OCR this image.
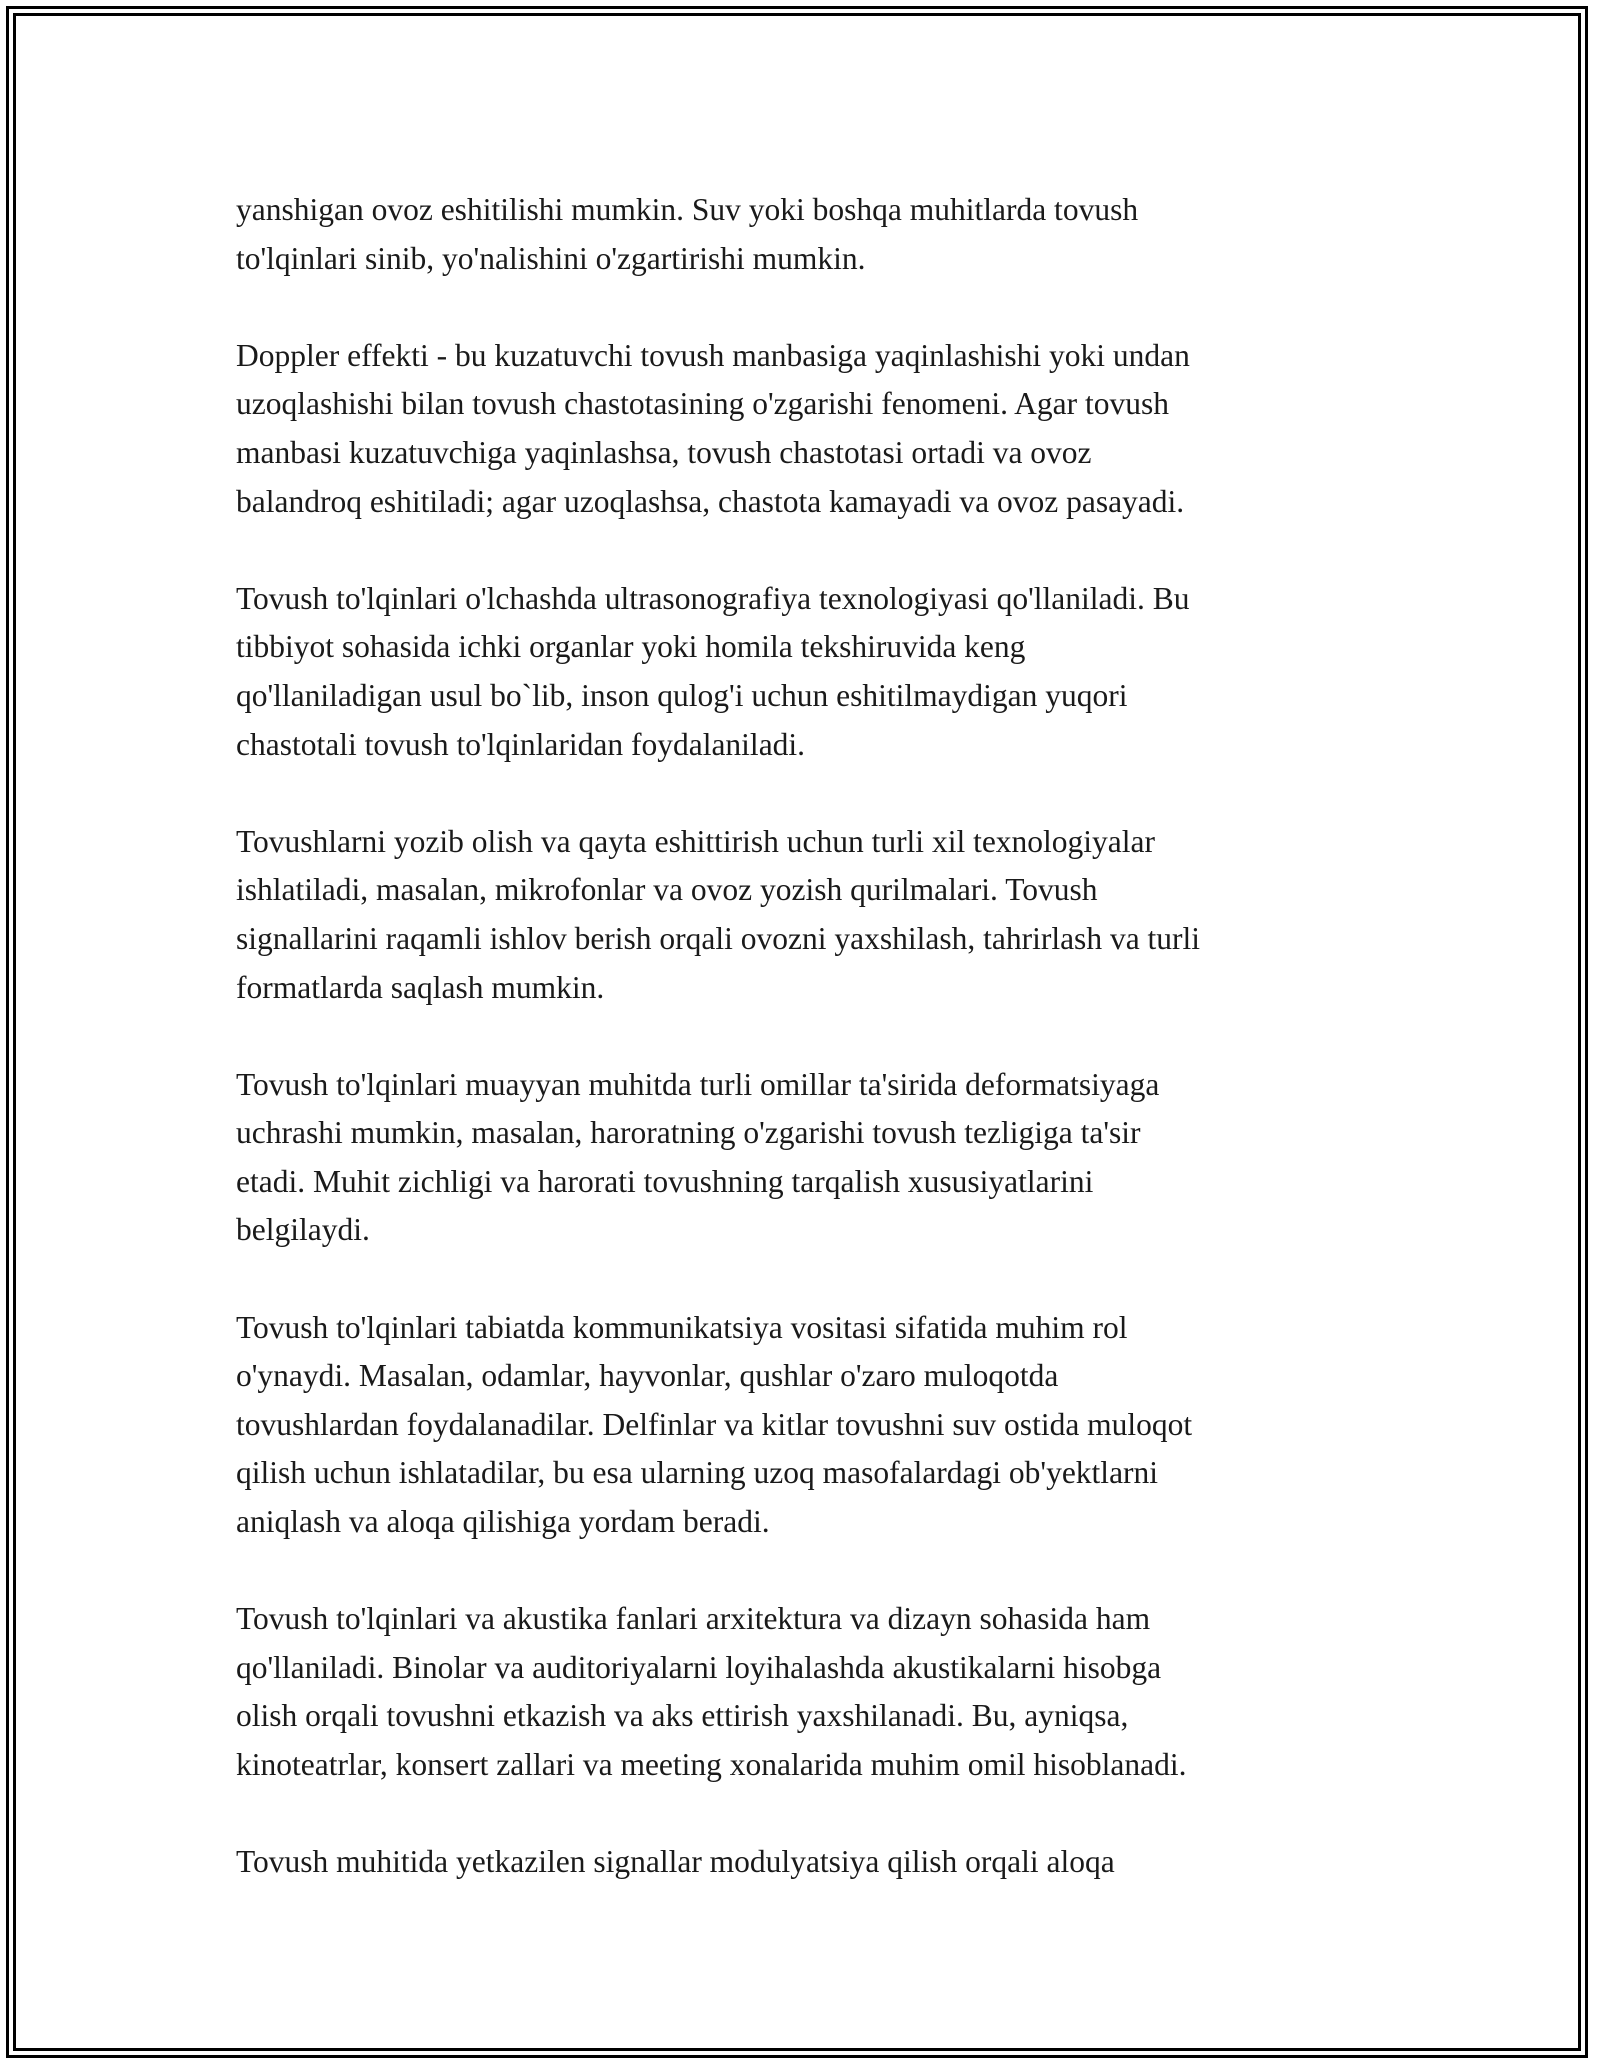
yanshigan ovoz eshitilishi mumkin. Suv yoki boshqa muhitlarda tovush
to'lqinlari sinib, yo'nalishini o'zgartirishi mumkin.

Doppler effekti - bu kuzatuvchi tovush manbasiga yaqinlashishi yoki undan
uzoqlashishi bilan tovush chastotasining o'zgarishi fenomeni. Agar tovush
manbasi kuzatuvchiga yaqinlashsa, tovush chastotasi ortadi va ovoz
balandroq eshitiladi; agar uzoqlashsa, chastota kamayadi va ovoz pasayadi.

Tovush to'lqinlari o'lchashda ultrasonografiya texnologiyasi qo'llaniladi. Bu
tibbiyot sohasida ichki organlar yoki homila tekshiruvida keng
qo'llaniladigan usul bo`lib, inson qulog'i uchun eshitilmaydigan yuqori
chastotali tovush to'lqinlaridan foydalaniladi.

Tovushlarni yozib olish va qayta eshittirish uchun turli xil texnologiyalar
ishlatiladi, masalan, mikrofonlar va ovoz yozish qurilmalari. Tovush
signallarini raqamli ishlov berish orqali ovozni yaxshilash, tahrirlash va turli
formatlarda saqlash mumkin.

Tovush to'lqinlari muayyan muhitda turli omillar ta'sirida deformatsiyaga
uchrashi mumkin, masalan, haroratning o'zgarishi tovush tezligiga ta'sir
etadi. Muhit zichligi va harorati tovushning tarqalish xususiyatlarini
belgilaydi.

Tovush to'lqinlari tabiatda kommunikatsiya vositasi sifatida muhim rol
o'ynaydi. Masalan, odamlar, hayvonlar, qushlar o'zaro muloqotda
tovushlardan foydalanadilar. Delfinlar va kitlar tovushni suv ostida muloqot
qilish uchun ishlatadilar, bu esa ularning uzoq masofalardagi ob'yektlarni
aniqlash va aloqa qilishiga yordam beradi.

Tovush to'lqinlari va akustika fanlari arxitektura va dizayn sohasida ham
qo'llaniladi. Binolar va auditoriyalarni loyihalashda akustikalarni hisobga
olish orqali tovushni etkazish va aks ettirish yaxshilanadi. Bu, ayniqsa,
kinoteatrlar, konsert zallari va meeting xonalarida muhim omil hisoblanadi.

Tovush muhitida yetkazilen signallar modulyatsiya qilish orqali aloqa
